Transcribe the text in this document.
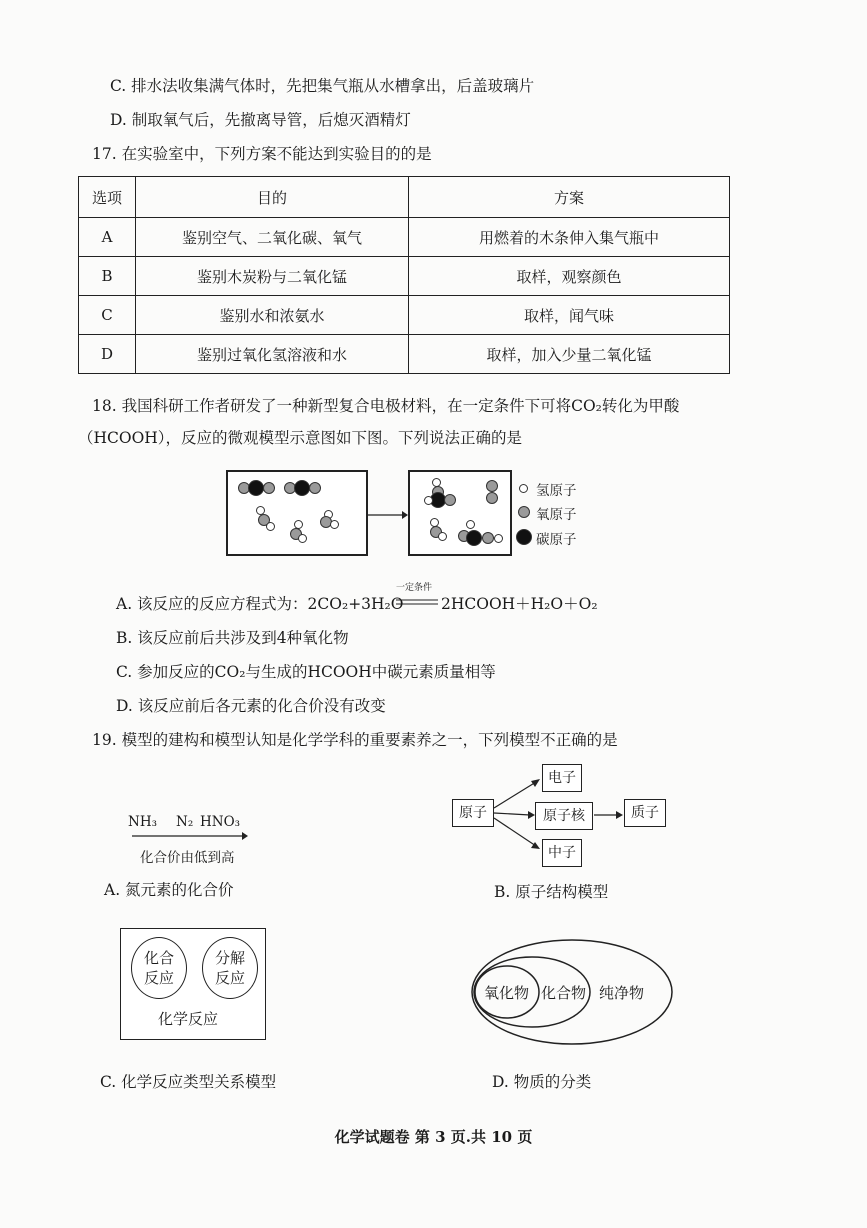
C. 排水法收集满气体时，先把集气瓶从水槽拿出，后盖玻璃片
D. 制取氧气后，先撤离导管，后熄灭酒精灯
17. 在实验室中，下列方案不能达到实验目的的是
选项	目的	方案
A	鉴别空气、二氧化碳、氧气	用燃着的木条伸入集气瓶中
B	鉴别木炭粉与二氧化锰	取样，观察颜色
C	鉴别水和浓氨水	取样，闻气味
D	鉴别过氧化氢溶液和水	取样，加入少量二氧化锰
18. 我国科研工作者研发了一种新型复合电极材料，在一定条件下可将CO₂转化为甲酸
（HCOOH），反应的微观模型示意图如下图。下列说法正确的是
氢原子
氧原子
碳原子
A. 该反应的反应方程式为：2CO₂+3H₂O
一定条件
2HCOOH＋H₂O＋O₂
B. 该反应前后共涉及到4种氧化物
C. 参加反应的CO₂与生成的HCOOH中碳元素质量相等
D. 该反应前后各元素的化合价没有改变
19. 模型的建构和模型认知是化学学科的重要素养之一，下列模型不正确的是
NH₃ N₂ HNO₃
化合价由低到高
A. 氮元素的化合价
原子
电子
原子核	质子
中子
B. 原子结构模型
化合
反应
分解
反应
化学反应
C. 化学反应类型关系模型
氧化物 化合物 纯净物
D. 物质的分类
化学试题卷 第 3 页.共 10 页
